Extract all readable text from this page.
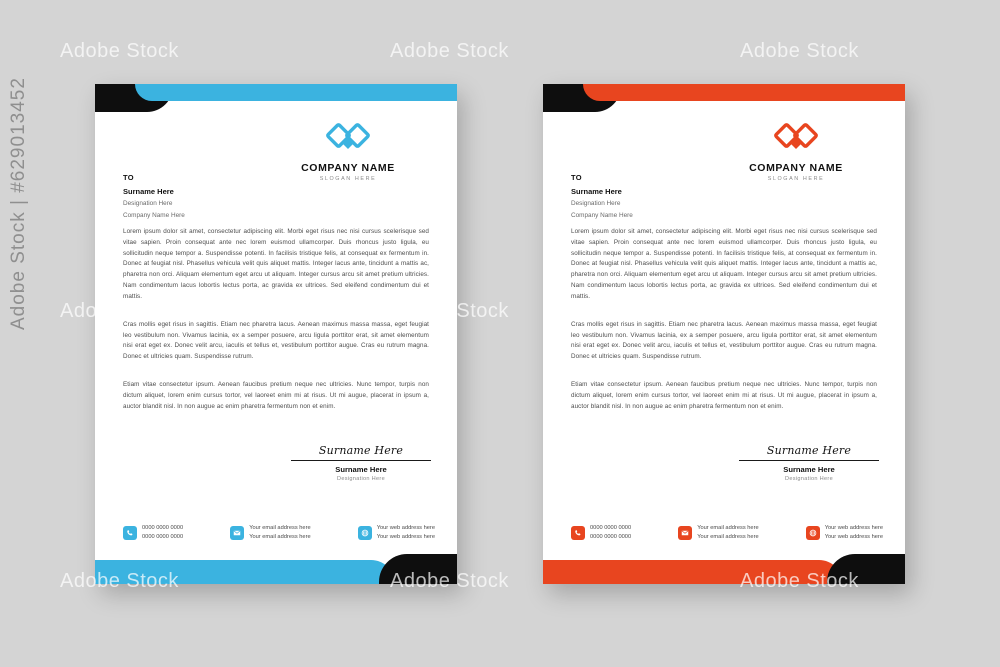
COMPANY NAME
SLOGAN HERE
TO
Surname Here
Designation Here
Company Name Here

Lorem ipsum dolor sit amet, consectetur adipiscing elit. Morbi eget risus nec nisi cursus scelerisque sed vitae sapien. Proin consequat ante nec lorem euismod ullamcorper. Duis rhoncus justo ligula, eu sollicitudin neque tempor a. Suspendisse potenti. In facilisis tristique felis, at consequat ex fermentum in. Donec at feugiat nisl. Phasellus vehicula velit quis aliquet mattis. Integer lacus ante, tincidunt a mattis ac, pharetra non orci. Aliquam elementum eget arcu ut aliquam. Integer cursus arcu sit amet pretium ultricies. Nam condimentum lacus lobortis lectus porta, ac gravida ex ultrices. Sed eleifend condimentum dui et mattis.

Cras mollis eget risus in sagittis. Etiam nec pharetra lacus. Aenean maximus massa massa, eget feugiat leo vestibulum non. Vivamus lacinia, ex a semper posuere, arcu ligula porttitor erat, sit amet elementum nisi erat eget ex. Donec velit arcu, iaculis et tellus et, vestibulum porttitor augue. Cras eu rutrum magna. Donec et ultricies quam. Suspendisse rutrum.

Etiam vitae consectetur ipsum. Aenean faucibus pretium neque nec ultricies. Nunc tempor, turpis non dictum aliquet, lorem enim cursus tortor, vel laoreet enim mi at risus. Ut mi augue, placerat in ipsum a, auctor blandit nisl. In non augue ac enim pharetra fermentum non et enim.

Surname Here
Surname Here
Designation Here
0000 0000 0000
0000 0000 0000
Your email address here
Your email address here
Your web address here
Your web address here
COMPANY NAME
SLOGAN HERE
TO
Surname Here
Designation Here
Company Name Here

Lorem ipsum dolor sit amet, consectetur adipiscing elit. Morbi eget risus nec nisi cursus scelerisque sed vitae sapien. Proin consequat ante nec lorem euismod ullamcorper. Duis rhoncus justo ligula, eu sollicitudin neque tempor a. Suspendisse potenti. In facilisis tristique felis, at consequat ex fermentum in. Donec at feugiat nisl. Phasellus vehicula velit quis aliquet mattis. Integer lacus ante, tincidunt a mattis ac, pharetra non orci. Aliquam elementum eget arcu ut aliquam. Integer cursus arcu sit amet pretium ultricies. Nam condimentum lacus lobortis lectus porta, ac gravida ex ultrices. Sed eleifend condimentum dui et mattis.

Cras mollis eget risus in sagittis. Etiam nec pharetra lacus. Aenean maximus massa massa, eget feugiat leo vestibulum non. Vivamus lacinia, ex a semper posuere, arcu ligula porttitor erat, sit amet elementum nisi erat eget ex. Donec velit arcu, iaculis et tellus et, vestibulum porttitor augue. Cras eu rutrum magna. Donec et ultricies quam. Suspendisse rutrum.

Etiam vitae consectetur ipsum. Aenean faucibus pretium neque nec ultricies. Nunc tempor, turpis non dictum aliquet, lorem enim cursus tortor, vel laoreet enim mi at risus. Ut mi augue, placerat in ipsum a, auctor blandit nisl. In non augue ac enim pharetra fermentum non et enim.

Surname Here
Surname Here
Designation Here
0000 0000 0000
0000 0000 0000
Your email address here
Your email address here
Your web address here
Your web address here
Adobe Stock	Adobe Stock	Adobe Stock
Adobe Stock	Adobe Stock	Adobe Stock
Adobe Stock	Adobe Stock	Adobe Stock
Adobe Stock | #629013452
